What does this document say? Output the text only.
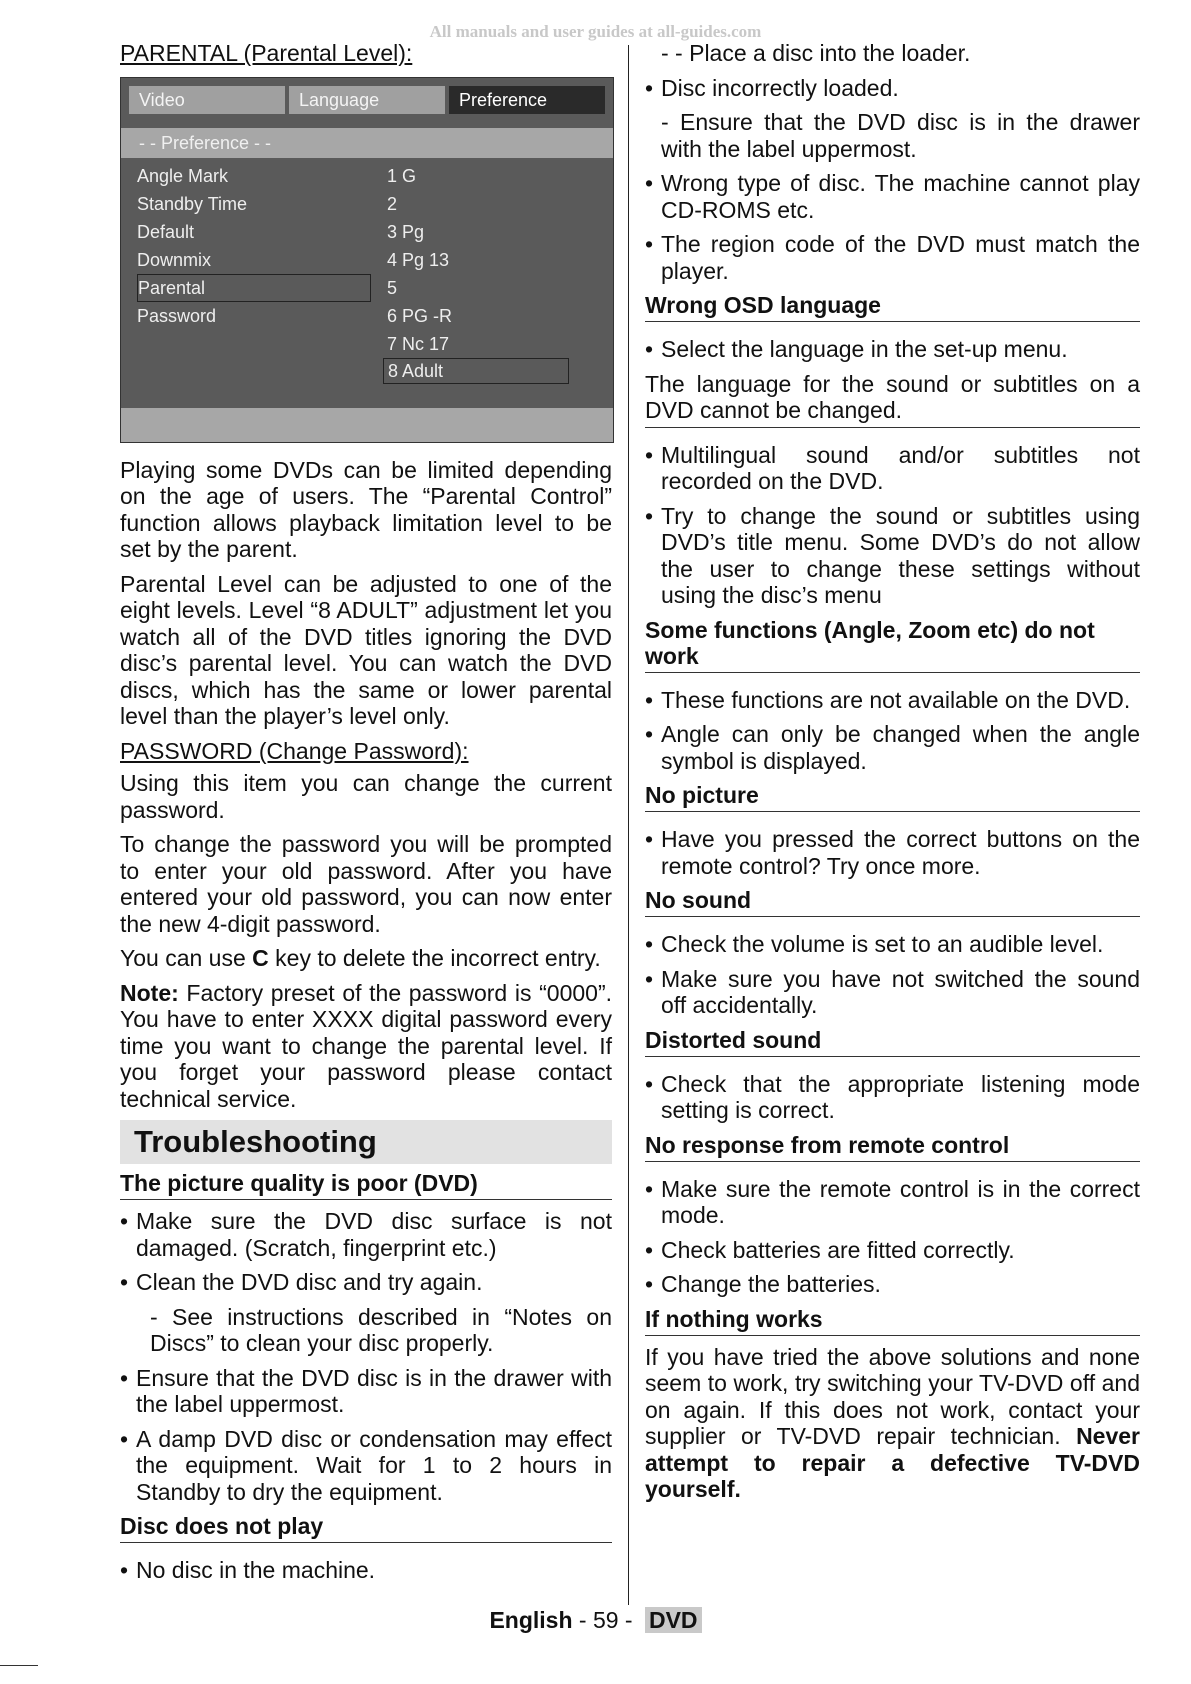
All manuals and user guides at all-guides.com

PARENTAL (Parental Level):

Video	Language	Preference
- - Preference - -
Angle Mark
Standby Time
Default
Downmix
Parental
Password
1 G
2
3 Pg
4 Pg 13
5
6 PG -R
7 Nc 17
8 Adult

Playing some DVDs can be limited depending on the age of users. The “Parental Control” function allows playback limitation level to be set by the parent.

Parental Level can be adjusted to one of the eight levels. Level “8 ADULT” adjustment let you watch all of the DVD titles ignoring the DVD disc’s parental level. You can watch the DVD discs, which has the same or lower parental level than the player’s level only.

PASSWORD (Change Password):

Using this item you can change the current password.

To change the password you will be prompted to enter your old password. After you have entered your old password, you can now enter the new 4-digit password.

You can use C key to delete the incorrect entry.

Note: Factory preset of the password is “0000”. You have to enter XXXX digital password every time you want to change the parental level. If you forget your password please contact technical service.

Troubleshooting

The picture quality is poor (DVD)

• Make sure the DVD disc surface is not damaged. (Scratch, fingerprint etc.)

• Clean the DVD disc and try again.

- See instructions described in “Notes on Discs” to clean your disc properly.

• Ensure that the DVD disc is in the drawer with the label uppermost.

• A damp DVD disc or condensation may effect the equipment. Wait for 1 to 2 hours in Standby to dry the equipment.

Disc does not play

• No disc in the machine.

- - Place a disc into the loader.

• Disc incorrectly loaded.

- Ensure that the DVD disc is in the drawer with the label uppermost.

• Wrong type of disc. The machine cannot play CD-ROMS etc.

• The region code of the DVD must match the player.

Wrong OSD language

• Select the language in the set-up menu.

The language for the sound or subtitles on a DVD cannot be changed.

• Multilingual sound and/or subtitles not recorded on the DVD.

• Try to change the sound or subtitles using DVD’s title menu. Some DVD’s do not allow the user to change these settings without using the disc’s menu

Some functions (Angle, Zoom etc) do not work

• These functions are not available on the DVD.

• Angle can only be changed when the angle symbol is displayed.

No picture

• Have you pressed the correct buttons on the remote control? Try once more.

No sound

• Check the volume is set to an audible level.

• Make sure you have not switched the sound off accidentally.

Distorted sound

• Check that the appropriate listening mode setting is correct.

No response from remote control

• Make sure the remote control is in the correct mode.

• Check batteries are fitted correctly.

• Change the batteries.

If nothing works

If you have tried the above solutions and none seem to work, try switching your TV-DVD off and on again. If this does not work, contact your supplier or TV-DVD repair technician. Never attempt to repair a defective TV-DVD yourself.

English - 59 - DVD
